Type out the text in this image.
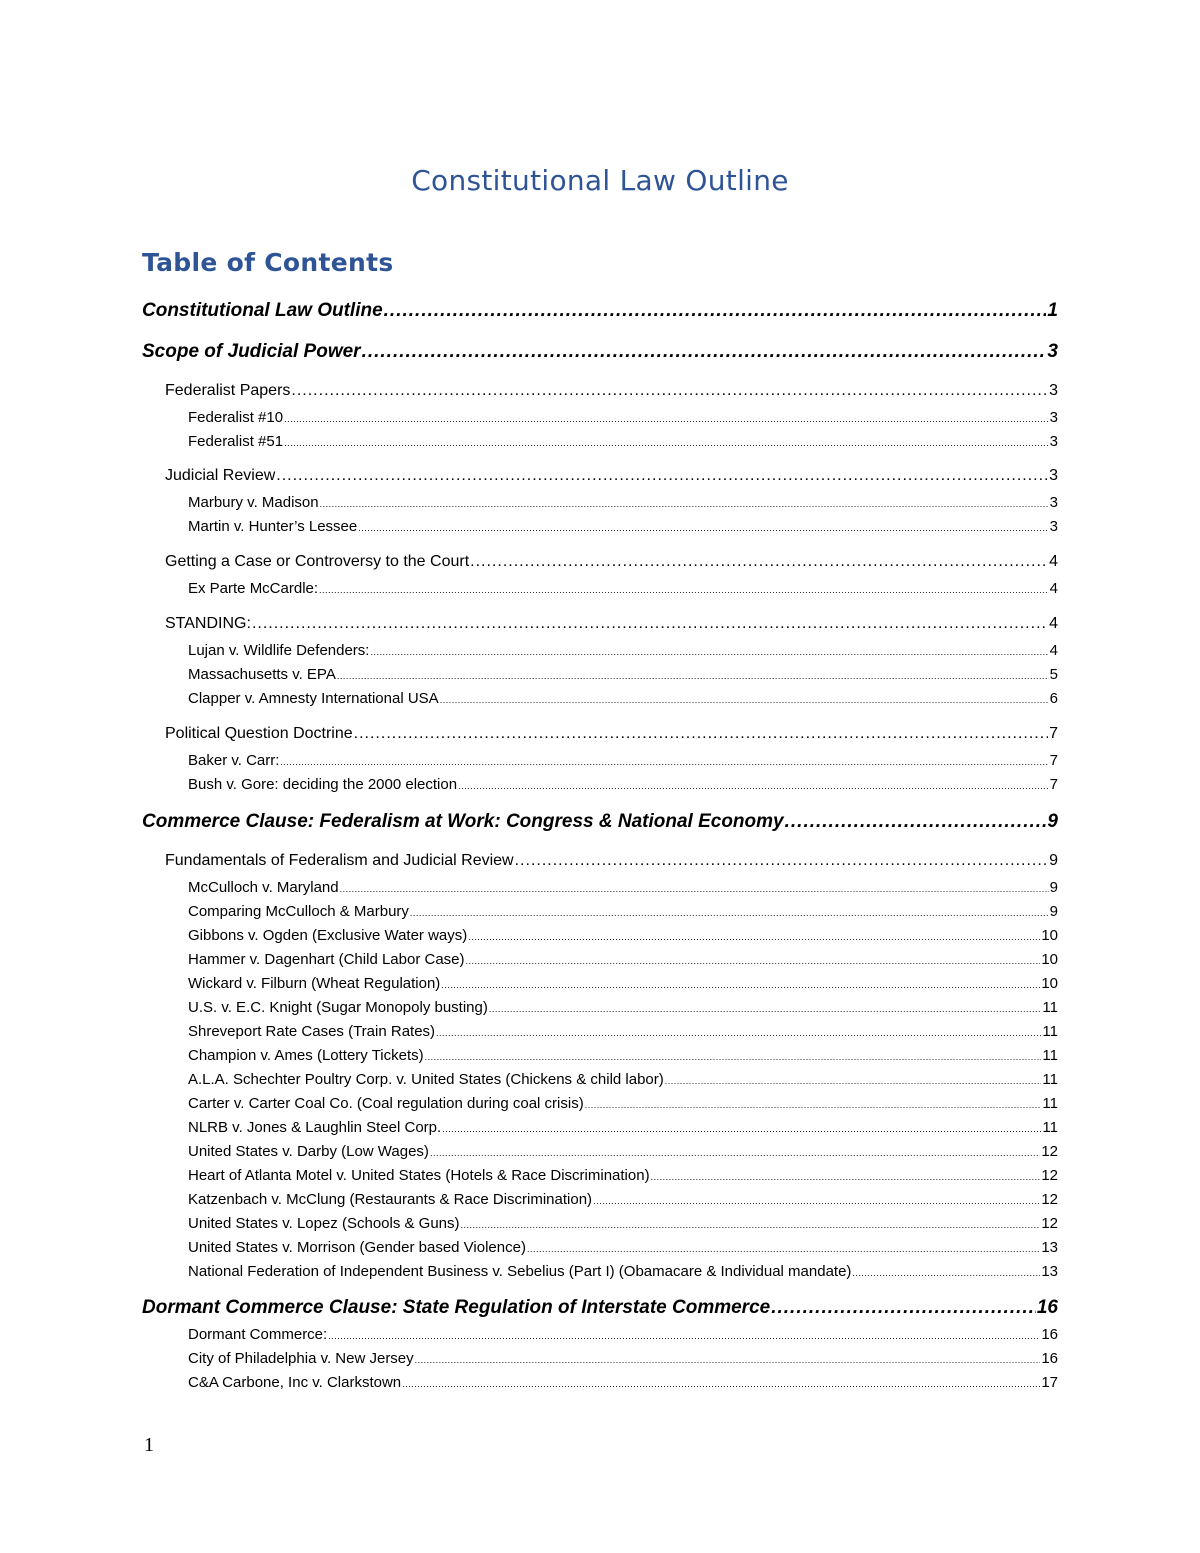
Constitutional Law Outline
Table of Contents
Constitutional Law Outline .....	1
Scope of Judicial Power .....	3
Federalist Papers .....	3
Federalist #10 .....	3
Federalist #51 .....	3
Judicial Review .....	3
Marbury v. Madison .....	3
Martin v. Hunter’s Lessee .....	3
Getting a Case or Controversy to the Court .....	4
Ex Parte McCardle: .....	4
STANDING: .....	4
Lujan v. Wildlife Defenders: .....	4
Massachusetts v. EPA .....	5
Clapper v. Amnesty International USA .....	6
Political Question Doctrine .....	7
Baker v. Carr: .....	7
Bush v. Gore: deciding the 2000 election .....	7
Commerce Clause: Federalism at Work: Congress & National Economy .....	9
Fundamentals of Federalism and Judicial Review .....	9
McCulloch v. Maryland .....	9
Comparing McCulloch & Marbury .....	9
Gibbons v. Ogden (Exclusive Water ways) .....	10
Hammer v. Dagenhart (Child Labor Case) .....	10
Wickard v. Filburn (Wheat Regulation) .....	10
U.S. v. E.C. Knight (Sugar Monopoly busting) .....	11
Shreveport Rate Cases (Train Rates) .....	11
Champion v. Ames (Lottery Tickets) .....	11
A.L.A. Schechter Poultry Corp. v. United States (Chickens & child labor) .....	11
Carter v. Carter Coal Co. (Coal regulation during coal crisis) .....	11
NLRB v. Jones & Laughlin Steel Corp. .....	11
United States v. Darby (Low Wages) .....	12
Heart of Atlanta Motel v. United States (Hotels & Race Discrimination) .....	12
Katzenbach v. McClung (Restaurants & Race Discrimination) .....	12
United States v. Lopez (Schools & Guns) .....	12
United States v. Morrison (Gender based Violence) .....	13
National Federation of Independent Business v. Sebelius (Part I) (Obamacare & Individual mandate) .....	13
Dormant Commerce Clause: State Regulation of Interstate Commerce .....	16
Dormant Commerce: .....	16
City of Philadelphia v. New Jersey .....	16
C&A Carbone, Inc v. Clarkstown .....	17
1
